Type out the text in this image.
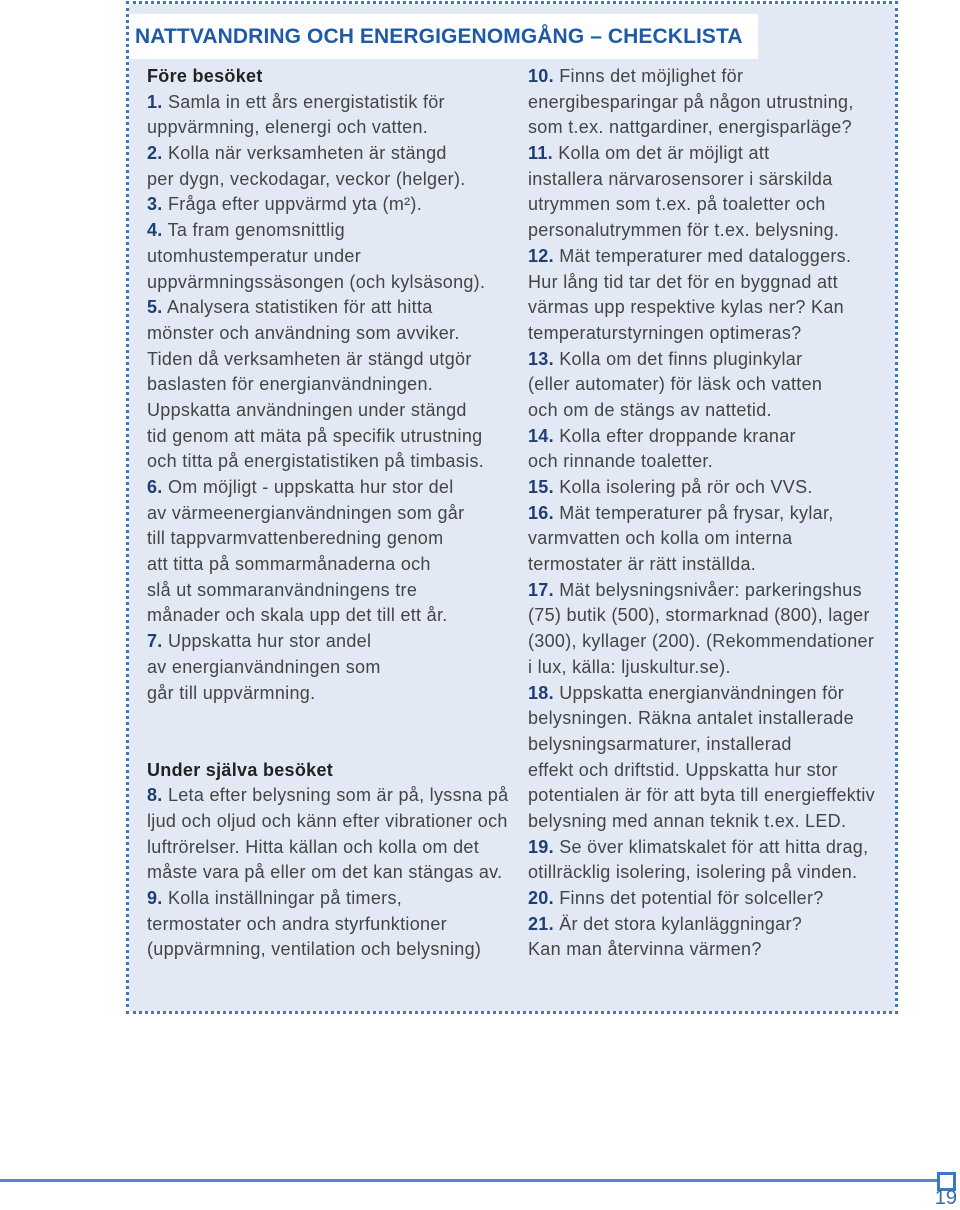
NATTVANDRING OCH ENERGIGENOMGÅNG – CHECKLISTA
Före besöket
1. Samla in ett års energistatistik för
uppvärmning, elenergi och vatten.
2. Kolla när verksamheten är stängd
per dygn, veckodagar, veckor (helger).
3. Fråga efter uppvärmd yta (m²).
4. Ta fram genomsnittlig
utomhustemperatur under
uppvärmningssäsongen (och kylsäsong).
5. Analysera statistiken för att hitta
mönster och användning som avviker.
Tiden då verksamheten är stängd utgör
baslasten för energianvändningen.
Uppskatta användningen under stängd
tid genom att mäta på specifik utrustning
och titta på energistatistiken på timbasis.
6. Om möjligt - uppskatta hur stor del
av värmeenergianvändningen som går
till tappvarmvattenberedning genom
att titta på sommarmånaderna och
slå ut sommaranvändningens tre
månader och skala upp det till ett år.
7. Uppskatta hur stor andel
av energianvändningen som
går till uppvärmning.
Under själva besöket
8. Leta efter belysning som är på, lyssna på
ljud och oljud och känn efter vibrationer och
luftrörelser. Hitta källan och kolla om det
måste vara på eller om det kan stängas av.
9. Kolla inställningar på timers,
termostater och andra styrfunktioner
(uppvärmning, ventilation och belysning)
10. Finns det möjlighet för
energibesparingar på någon utrustning,
som t.ex. nattgardiner, energisparläge?
11. Kolla om det är möjligt att
installera närvarosensorer i särskilda
utrymmen som t.ex. på toaletter och
personalutrymmen för t.ex. belysning.
12. Mät temperaturer med dataloggers.
Hur lång tid tar det för en byggnad att
värmas upp respektive kylas ner? Kan
temperaturstyrningen optimeras?
13. Kolla om det finns pluginkylar
(eller automater) för läsk och vatten
och om de stängs av nattetid.
14. Kolla efter droppande kranar
och rinnande toaletter.
15. Kolla isolering på rör och VVS.
16. Mät temperaturer på frysar, kylar,
varmvatten och kolla om interna
termostater är rätt inställda.
17. Mät belysningsnivåer: parkeringshus
(75) butik (500), stormarknad (800), lager
(300), kyllager (200). (Rekommendationer
i lux, källa: ljuskultur.se).
18. Uppskatta energianvändningen för
belysningen. Räkna antalet installerade
belysningsarmaturer, installerad
effekt och driftstid. Uppskatta hur stor
potentialen är för att byta till energieffektiv
belysning med annan teknik t.ex. LED.
19. Se över klimatskalet för att hitta drag,
otillräcklig isolering, isolering på vinden.
20. Finns det potential för solceller?
21. Är det stora kylanläggningar?
Kan man återvinna värmen?
19
